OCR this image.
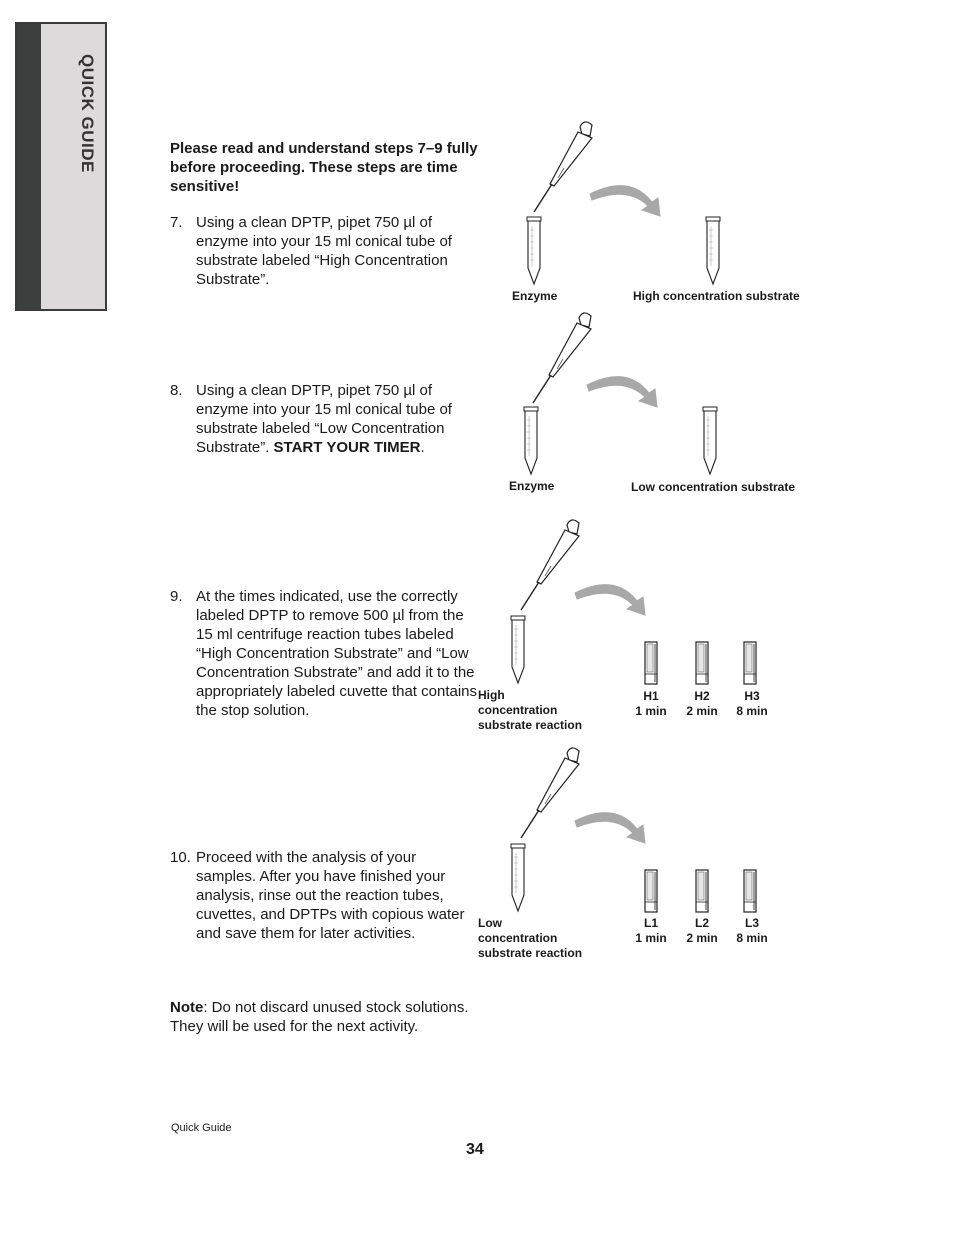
QUICK GUIDE	Please read and understand steps 7–9 fully before proceeding. These steps are time sensitive!
7. Using a clean DPTP, pipet 750 µl of enzyme into your 15 ml conical tube of substrate labeled “High Concentration Substrate”.
8. Using a clean DPTP, pipet 750 µl of enzyme into your 15 ml conical tube of substrate labeled “Low Concentration Substrate”. START YOUR TIMER.
9. At the times indicated, use the correctly labeled DPTP to remove 500 µl from the 15 ml centrifuge reaction tubes labeled “High Concentration Substrate” and “Low Concentration Substrate” and add it to the appropriately labeled cuvette that contains the stop solution.
10. Proceed with the analysis of your samples. After you have finished your analysis, rinse out the reaction tubes, cuvettes, and DPTPs with copious water and save them for later activities.
Note: Do not discard unused stock solutions. They will be used for the next activity.
Enzyme	High concentration substrate
Enzyme	Low concentration substrate
High
concentration
substrate reaction
H1
1 min
H2
2 min
H3
8 min
Low
concentration
substrate reaction
L1
1 min
L2
2 min
L3
8 min
Quick Guide
34
